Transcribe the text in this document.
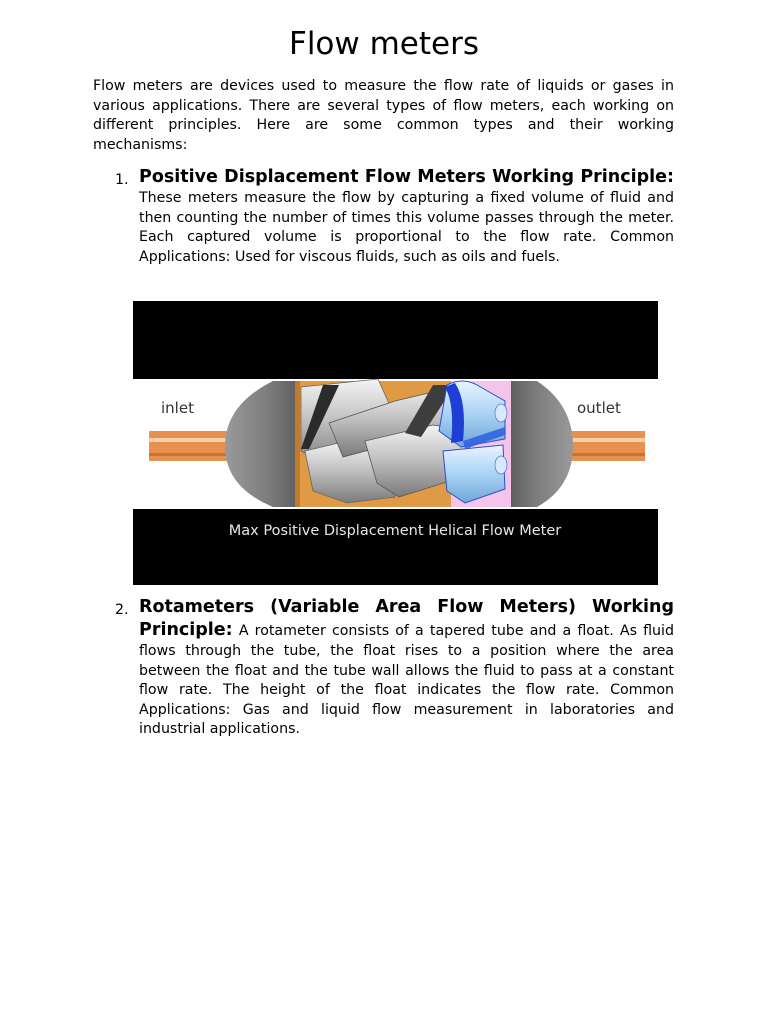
Flow meters

Flow meters are devices used to measure the flow rate of liquids or gases in various applications. There are several types of flow meters, each working on different principles. Here are some common types and their working mechanisms:

1. Positive Displacement Flow Meters Working Principle: These meters measure the flow by capturing a fixed volume of fluid and then counting the number of times this volume passes through the meter. Each captured volume is proportional to the flow rate. Common Applications: Used for viscous fluids, such as oils and fuels.

inlet	outlet
Max Positive Displacement Helical Flow Meter
2. Rotameters (Variable Area Flow Meters) Working Principle: A rotameter consists of a tapered tube and a float. As fluid flows through the tube, the float rises to a position where the area between the float and the tube wall allows the fluid to pass at a constant flow rate. The height of the float indicates the flow rate. Common Applications: Gas and liquid flow measurement in laboratories and industrial applications.
